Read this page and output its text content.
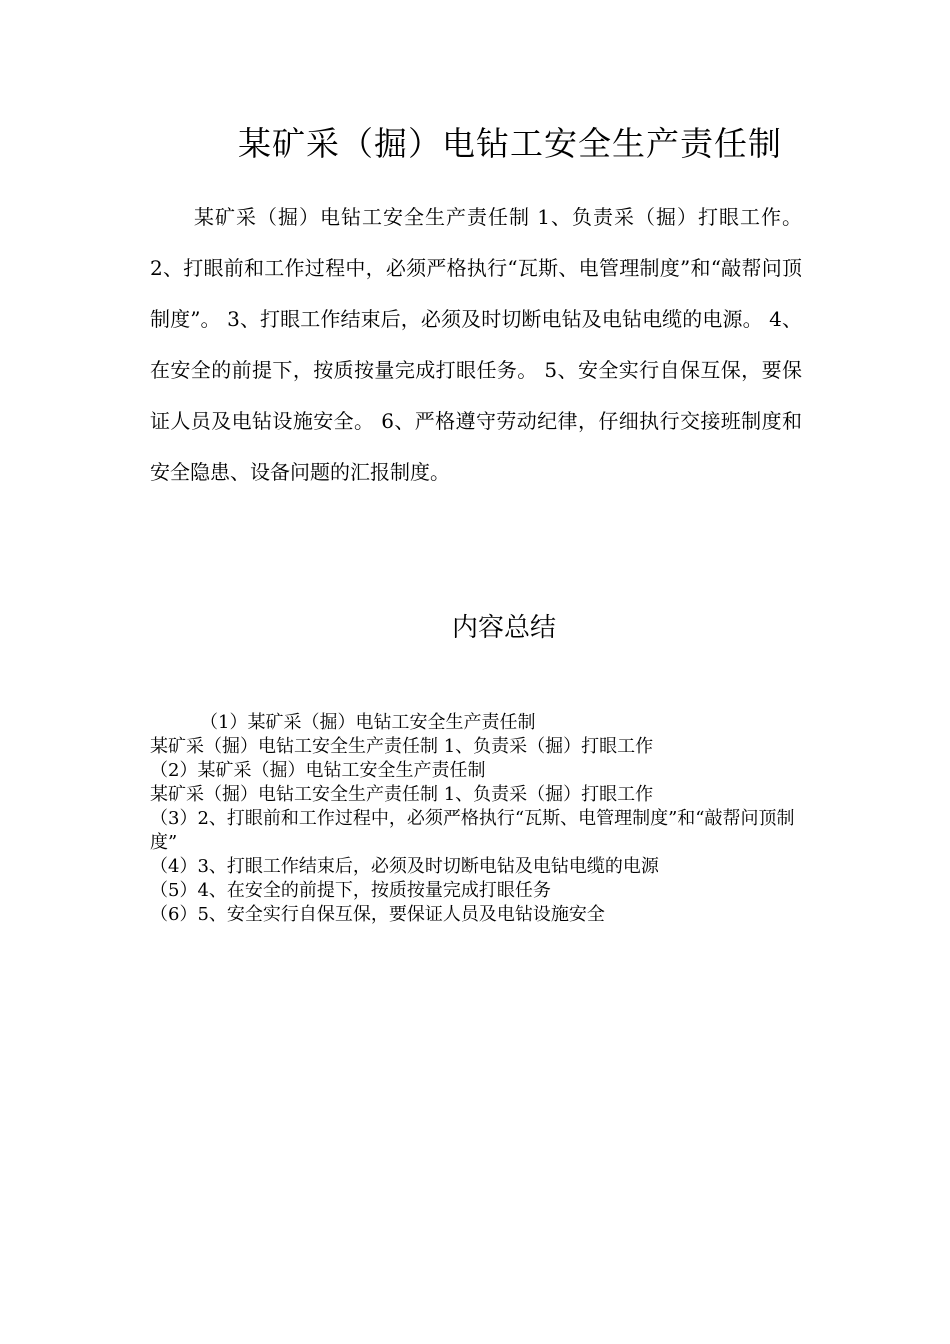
某矿采（掘）电钻工安全生产责任制

某矿采（掘）电钻工安全生产责任制 1、负责采（掘）打眼工作。 2、打眼前和工作过程中，必须严格执行“瓦斯、电管理制度”和“敲帮问顶制度”。 3、打眼工作结束后，必须及时切断电钻及电钻电缆的电源。 4、在安全的前提下，按质按量完成打眼任务。 5、安全实行自保互保，要保证人员及电钻设施安全。 6、严格遵守劳动纪律，仔细执行交接班制度和安全隐患、设备问题的汇报制度。

内容总结
（1）某矿采（掘）电钻工安全生产责任制
某矿采（掘）电钻工安全生产责任制 1、负责采（掘）打眼工作
（2）某矿采（掘）电钻工安全生产责任制
某矿采（掘）电钻工安全生产责任制 1、负责采（掘）打眼工作
（3）2、打眼前和工作过程中，必须严格执行“瓦斯、电管理制度”和“敲帮问顶制度”
（4）3、打眼工作结束后，必须及时切断电钻及电钻电缆的电源
（5）4、在安全的前提下，按质按量完成打眼任务
（6）5、安全实行自保互保，要保证人员及电钻设施安全
